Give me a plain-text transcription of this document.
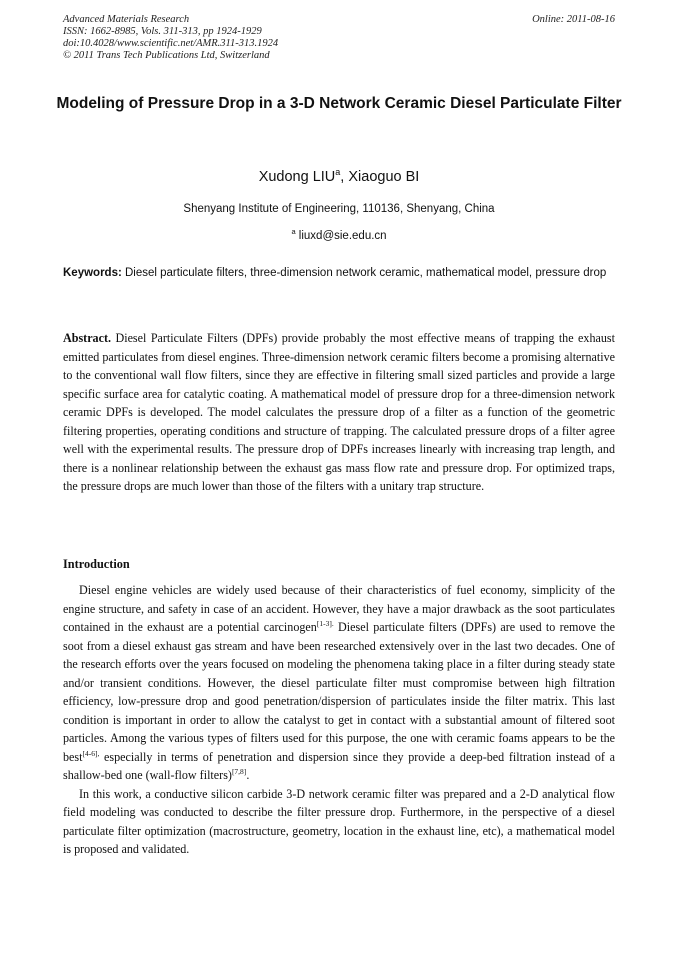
Advanced Materials Research
ISSN: 1662-8985, Vols. 311-313, pp 1924-1929
doi:10.4028/www.scientific.net/AMR.311-313.1924
© 2011 Trans Tech Publications Ltd, Switzerland
Online: 2011-08-16
Modeling of Pressure Drop in a 3-D Network Ceramic Diesel Particulate Filter
Xudong LIU$^a$, Xiaoguo BI
Shenyang Institute of Engineering, 110136, Shenyang, China
$^a$ liuxd@sie.edu.cn
Keywords: Diesel particulate filters, three-dimension network ceramic, mathematical model, pressure drop
Abstract. Diesel Particulate Filters (DPFs) provide probably the most effective means of trapping the exhaust emitted particulates from diesel engines. Three-dimension network ceramic filters become a promising alternative to the conventional wall flow filters, since they are effective in filtering small sized particles and provide a large specific surface area for catalytic coating. A mathematical model of pressure drop for a three-dimension network ceramic DPFs is developed. The model calculates the pressure drop of a filter as a function of the geometric filtering properties, operating conditions and structure of trapping. The calculated pressure drops of a filter agree well with the experimental results. The pressure drop of DPFs increases linearly with increasing trap length, and there is a nonlinear relationship between the exhaust gas mass flow rate and pressure drop. For optimized traps, the pressure drops are much lower than those of the filters with a unitary trap structure.
Introduction

Diesel engine vehicles are widely used because of their characteristics of fuel economy, simplicity of the engine structure, and safety in case of an accident. However, they have a major drawback as the soot particulates contained in the exhaust are a potential carcinogen$^{[1-3].}$ Diesel particulate filters (DPFs) are used to remove the soot from a diesel exhaust gas stream and have been researched extensively over in the last two decades. One of the research efforts over the years focused on modeling the phenomena taking place in a filter during steady state and/or transient conditions. However, the diesel particulate filter must compromise between high filtration efficiency, low-pressure drop and good penetration/dispersion of particulates inside the filter matrix. This last condition is important in order to allow the catalyst to get in contact with a substantial amount of filtered soot particles. Among the various types of filters used for this purpose, the one with ceramic foams appears to be the best$^{[4-6],}$ especially in terms of penetration and dispersion since they provide a deep-bed filtration instead of a shallow-bed one (wall-flow filters)[7,8].

In this work, a conductive silicon carbide 3-D network ceramic filter was prepared and a 2-D analytical flow field modeling was conducted to describe the filter pressure drop. Furthermore, in the perspective of a diesel particulate filter optimization (macrostructure, geometry, location in the exhaust line, etc), a mathematical model is proposed and validated.
